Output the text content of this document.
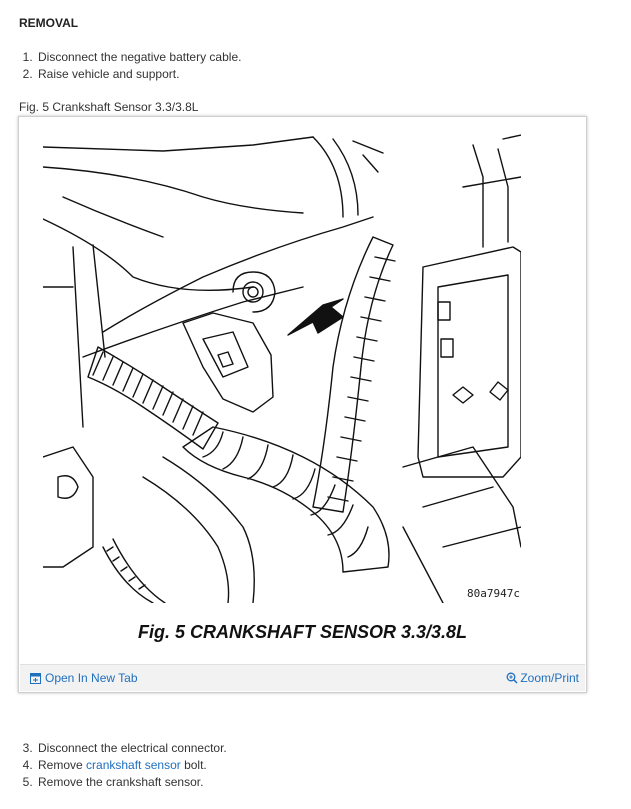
REMOVAL
1. Disconnect the negative battery cable.
2. Raise vehicle and support.
Fig. 5 Crankshaft Sensor 3.3/3.8L
80a7947c
Fig. 5 CRANKSHAFT SENSOR 3.3/3.8L
Open In New Tab	Zoom/Print
3. Disconnect the electrical connector.
4. Remove crankshaft sensor bolt.
5. Remove the crankshaft sensor.
